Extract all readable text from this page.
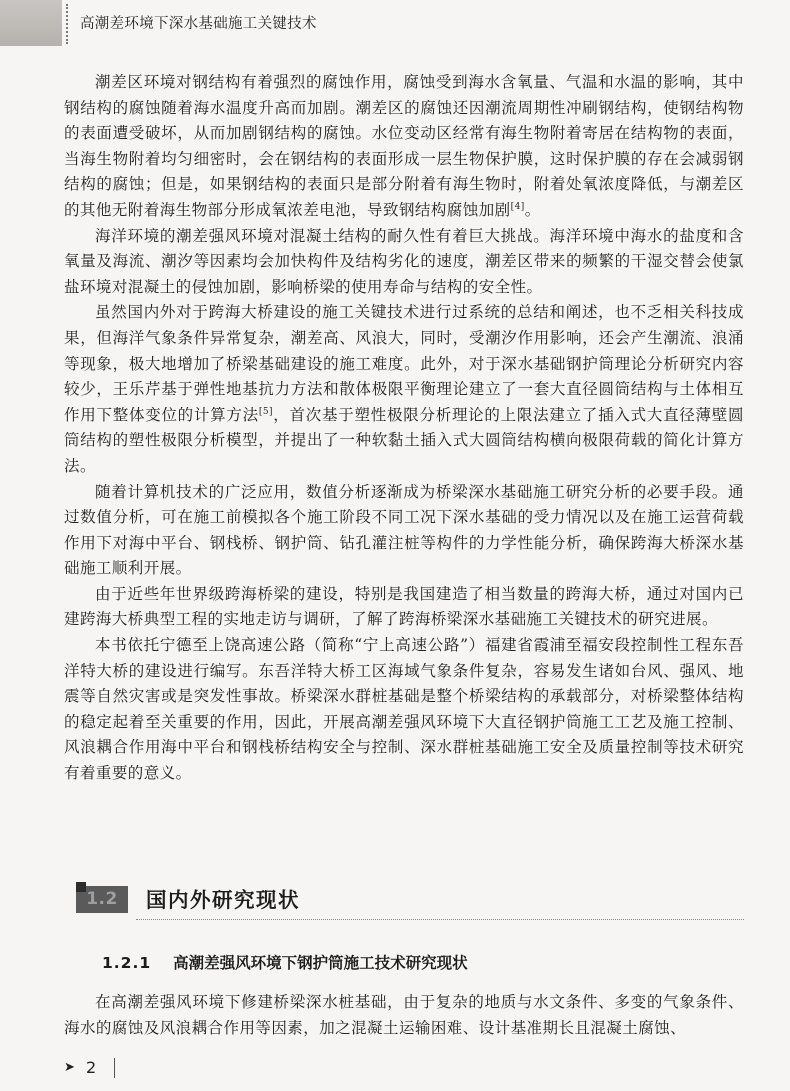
高潮差环境下深水基础施工关键技术

潮差区环境对钢结构有着强烈的腐蚀作用，腐蚀受到海水含氧量、气温和水温的影响，其中钢结构的腐蚀随着海水温度升高而加剧。潮差区的腐蚀还因潮流周期性冲刷钢结构，使钢结构物的表面遭受破坏，从而加剧钢结构的腐蚀。水位变动区经常有海生物附着寄居在结构物的表面，当海生物附着均匀细密时，会在钢结构的表面形成一层生物保护膜，这时保护膜的存在会减弱钢结构的腐蚀；但是，如果钢结构的表面只是部分附着有海生物时，附着处氧浓度降低，与潮差区的其他无附着海生物部分形成氧浓差电池，导致钢结构腐蚀加剧[4]。

海洋环境的潮差强风环境对混凝土结构的耐久性有着巨大挑战。海洋环境中海水的盐度和含氧量及海流、潮汐等因素均会加快构件及结构劣化的速度，潮差区带来的频繁的干湿交替会使氯盐环境对混凝土的侵蚀加剧，影响桥梁的使用寿命与结构的安全性。

虽然国内外对于跨海大桥建设的施工关键技术进行过系统的总结和阐述，也不乏相关科技成果，但海洋气象条件异常复杂，潮差高、风浪大，同时，受潮汐作用影响，还会产生潮流、浪涌等现象，极大地增加了桥梁基础建设的施工难度。此外，对于深水基础钢护筒理论分析研究内容较少，王乐芹基于弹性地基抗力方法和散体极限平衡理论建立了一套大直径圆筒结构与土体相互作用下整体变位的计算方法[5]，首次基于塑性极限分析理论的上限法建立了插入式大直径薄壁圆筒结构的塑性极限分析模型，并提出了一种软黏土插入式大圆筒结构横向极限荷载的简化计算方法。

随着计算机技术的广泛应用，数值分析逐渐成为桥梁深水基础施工研究分析的必要手段。通过数值分析，可在施工前模拟各个施工阶段不同工况下深水基础的受力情况以及在施工运营荷载作用下对海中平台、钢栈桥、钢护筒、钻孔灌注桩等构件的力学性能分析，确保跨海大桥深水基础施工顺利开展。

由于近些年世界级跨海桥梁的建设，特别是我国建造了相当数量的跨海大桥，通过对国内已建跨海大桥典型工程的实地走访与调研，了解了跨海桥梁深水基础施工关键技术的研究进展。

本书依托宁德至上饶高速公路（简称“宁上高速公路”）福建省霞浦至福安段控制性工程东吾洋特大桥的建设进行编写。东吾洋特大桥工区海域气象条件复杂，容易发生诸如台风、强风、地震等自然灾害或是突发性事故。桥梁深水群桩基础是整个桥梁结构的承载部分，对桥梁整体结构的稳定起着至关重要的作用，因此，开展高潮差强风环境下大直径钢护筒施工工艺及施工控制、风浪耦合作用海中平台和钢栈桥结构安全与控制、深水群桩基础施工安全及质量控制等技术研究有着重要的意义。

1.2	国内外研究现状
1.2.1 高潮差强风环境下钢护筒施工技术研究现状

在高潮差强风环境下修建桥梁深水桩基础，由于复杂的地质与水文条件、多变的气象条件、海水的腐蚀及风浪耦合作用等因素，加之混凝土运输困难、设计基准期长且混凝土腐蚀、

➤ 2
